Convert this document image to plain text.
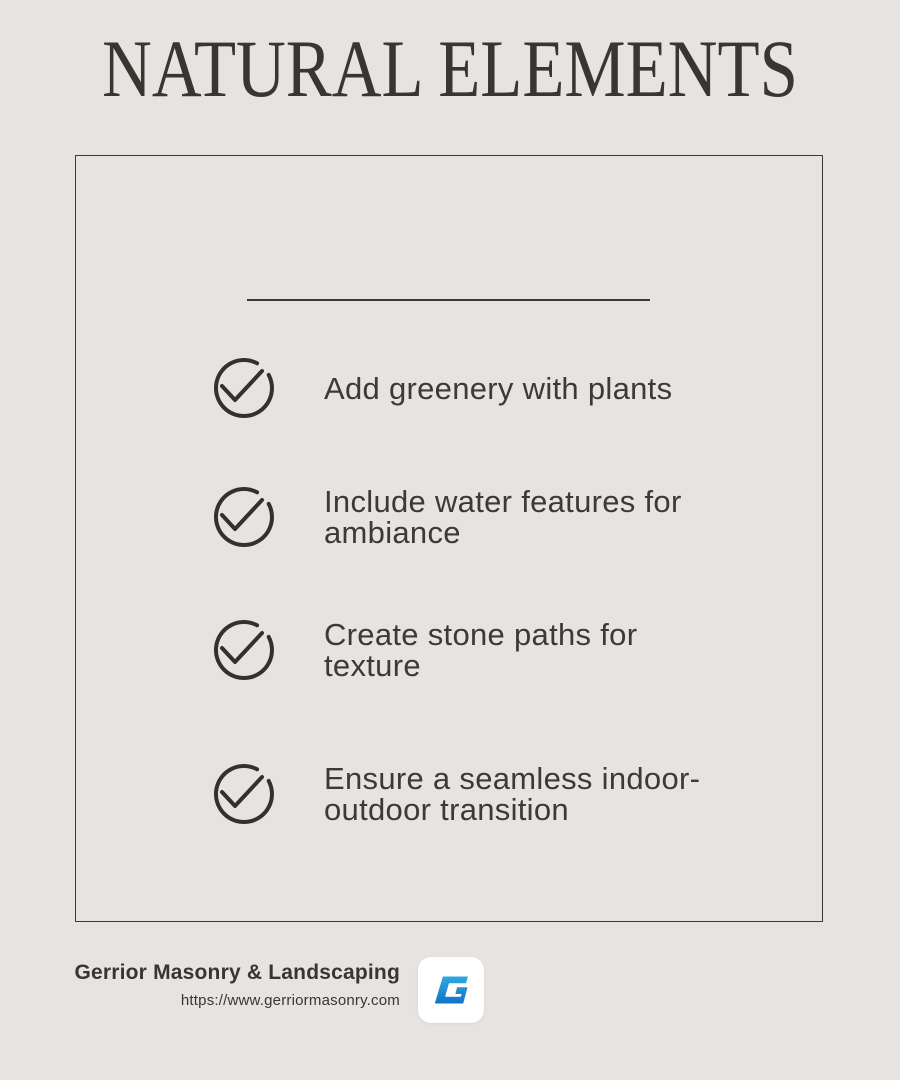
NATURAL ELEMENTS
Add greenery with plants
Include water features for ambiance
Create stone paths for texture
Ensure a seamless indoor-outdoor transition
Gerrior Masonry & Landscaping
https://www.gerriormasonry.com
